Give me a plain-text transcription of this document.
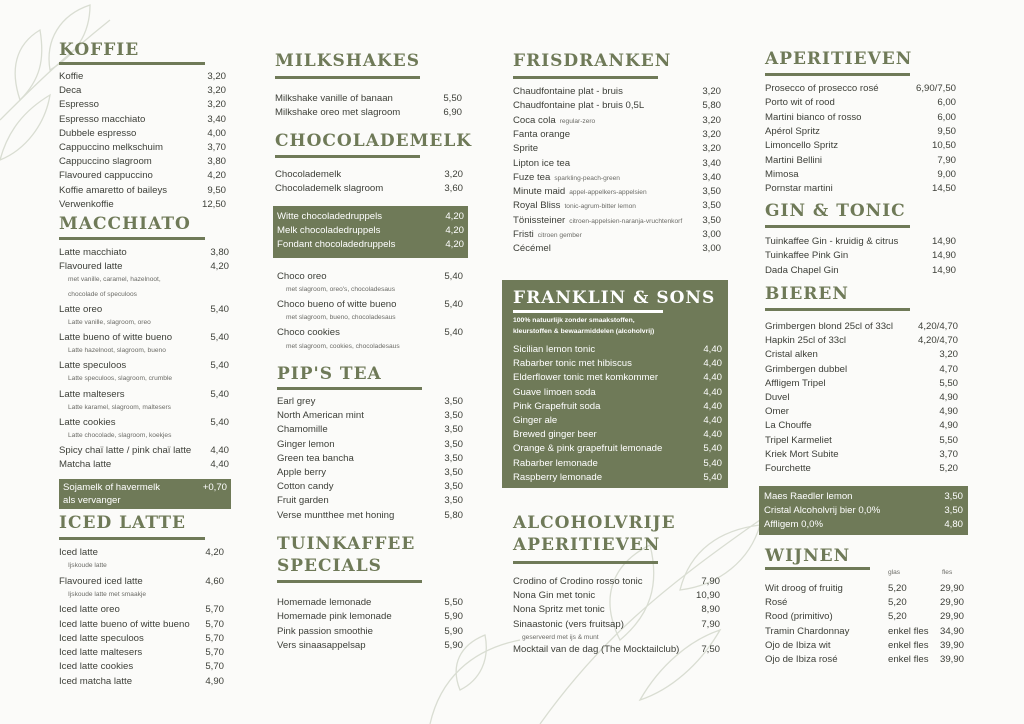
KOFFIE
Koffie	3,20
Deca	3,20
Espresso	3,20
Espresso macchiato	3,40
Dubbele espresso	4,00
Cappuccino melkschuim	3,70
Cappuccino slagroom	3,80
Flavoured cappuccino	4,20
Koffie amaretto of baileys	9,50
Verwenkoffie	12,50
MACCHIATO
Latte macchiato	3,80
Flavoured latte	4,20
met vanille, caramel, hazelnoot,
chocolade of speculoos
Latte oreo	5,40
Latte vanille, slagroom, oreo
Latte bueno of witte bueno	5,40
Latte hazelnoot, slagroom, bueno
Latte speculoos	5,40
Latte speculoos, slagroom, crumble
Latte maltesers	5,40
Latte karamel, slagroom, maltesers
Latte cookies	5,40
Latte chocolade, slagroom, koekjes
Spicy chaï latte / pink chaï latte	4,40
Matcha latte	4,40
Sojamelk of havermelk	+0,70
als vervanger
ICED LATTE
Iced latte	4,20
Ijskoude latte
Flavoured iced latte	4,60
Ijskoude latte met smaakje
Iced latte oreo	5,70
Iced latte bueno of witte bueno	5,70
Iced latte speculoos	5,70
Iced latte maltesers	5,70
Iced latte cookies	5,70
Iced matcha latte	4,90
MILKSHAKES
Milkshake vanille of banaan	5,50
Milkshake oreo met slagroom	6,90
CHOCOLADEMELK
Chocolademelk	3,20
Chocolademelk slagroom	3,60
Witte chocoladedruppels	4,20
Melk chocoladedruppels	4,20
Fondant chocoladedruppels	4,20
Choco oreo	5,40
met slagroom, oreo's, chocoladesaus
Choco bueno of witte bueno	5,40
met slagroom, bueno, chocoladesaus
Choco cookies	5,40
met slagroom, cookies, chocoladesaus
PIP'S TEA
Earl grey	3,50
North American mint	3,50
Chamomille	3,50
Ginger lemon	3,50
Green tea bancha	3,50
Apple berry	3,50
Cotton candy	3,50
Fruit garden	3,50
Verse muntthee met honing	5,80
TUINKAFFEE
SPECIALS
Homemade lemonade	5,50
Homemade pink lemonade	5,90
Pink passion smoothie	5,90
Vers sinaasappelsap	5,90
FRISDRANKEN
Chaudfontaine plat - bruis	3,20
Chaudfontaine plat - bruis 0,5L	5,80
Coca cola regular-zero	3,20
Fanta orange	3,20
Sprite	3,20
Lipton ice tea	3,40
Fuze tea sparkling-peach-green	3,40
Minute maid appel-appelkers-appelsien	3,50
Royal Bliss tonic-agrum-bitter lemon	3,50
Tönissteiner citroen-appelsien-naranja-vruchtenkorf	3,50
Fristi citroen gember	3,00
Cécémel	3,00
FRANKLIN & SONS
100% natuurlijk zonder smaakstoffen,
kleurstoffen & bewaarmiddelen (alcoholvrij)
Sicilian lemon tonic	4,40
Rabarber tonic met hibiscus	4,40
Elderflower tonic met komkommer	4,40
Guave limoen soda	4,40
Pink Grapefruit soda	4,40
Ginger ale	4,40
Brewed ginger beer	4,40
Orange & pink grapefruit lemonade	5,40
Rabarber lemonade	5,40
Raspberry lemonade	5,40
ALCOHOLVRIJE
APERITIEVEN
Crodino of Crodino rosso tonic	7,90
Nona Gin met tonic	10,90
Nona Spritz met tonic	8,90
Sinaastonic (vers fruitsap)	7,90
geserveerd met ijs & munt
Mocktail van de dag (The Mocktailclub)	7,50
APERITIEVEN
Prosecco of prosecco rosé	6,90/7,50
Porto wit of rood	6,00
Martini bianco of rosso	6,00
Apérol Spritz	9,50
Limoncello Spritz	10,50
Martini Bellini	7,90
Mimosa	9,00
Pornstar martini	14,50
GIN & TONIC
Tuinkaffee Gin - kruidig & citrus	14,90
Tuinkaffee Pink Gin	14,90
Dada Chapel Gin	14,90
BIEREN
Grimbergen blond 25cl of 33cl	4,20/4,70
Hapkin 25cl of 33cl	4,20/4,70
Cristal alken	3,20
Grimbergen dubbel	4,70
Affligem Tripel	5,50
Duvel	4,90
Omer	4,90
La Chouffe	4,90
Tripel Karmeliet	5,50
Kriek Mort Subite	3,70
Fourchette	5,20
Maes Raedler lemon	3,50
Cristal Alcoholvrij bier 0,0%	3,50
Affligem 0,0%	4,80
WIJNEN
glas	fles
Wit droog of fruitig	5,20	29,90
Rosé	5,20	29,90
Rood (primitivo)	5,20	29,90
Tramin Chardonnay	enkel fles 34,90
Ojo de Ibiza wit	enkel fles 39,90
Ojo de Ibiza rosé	enkel fles 39,90
